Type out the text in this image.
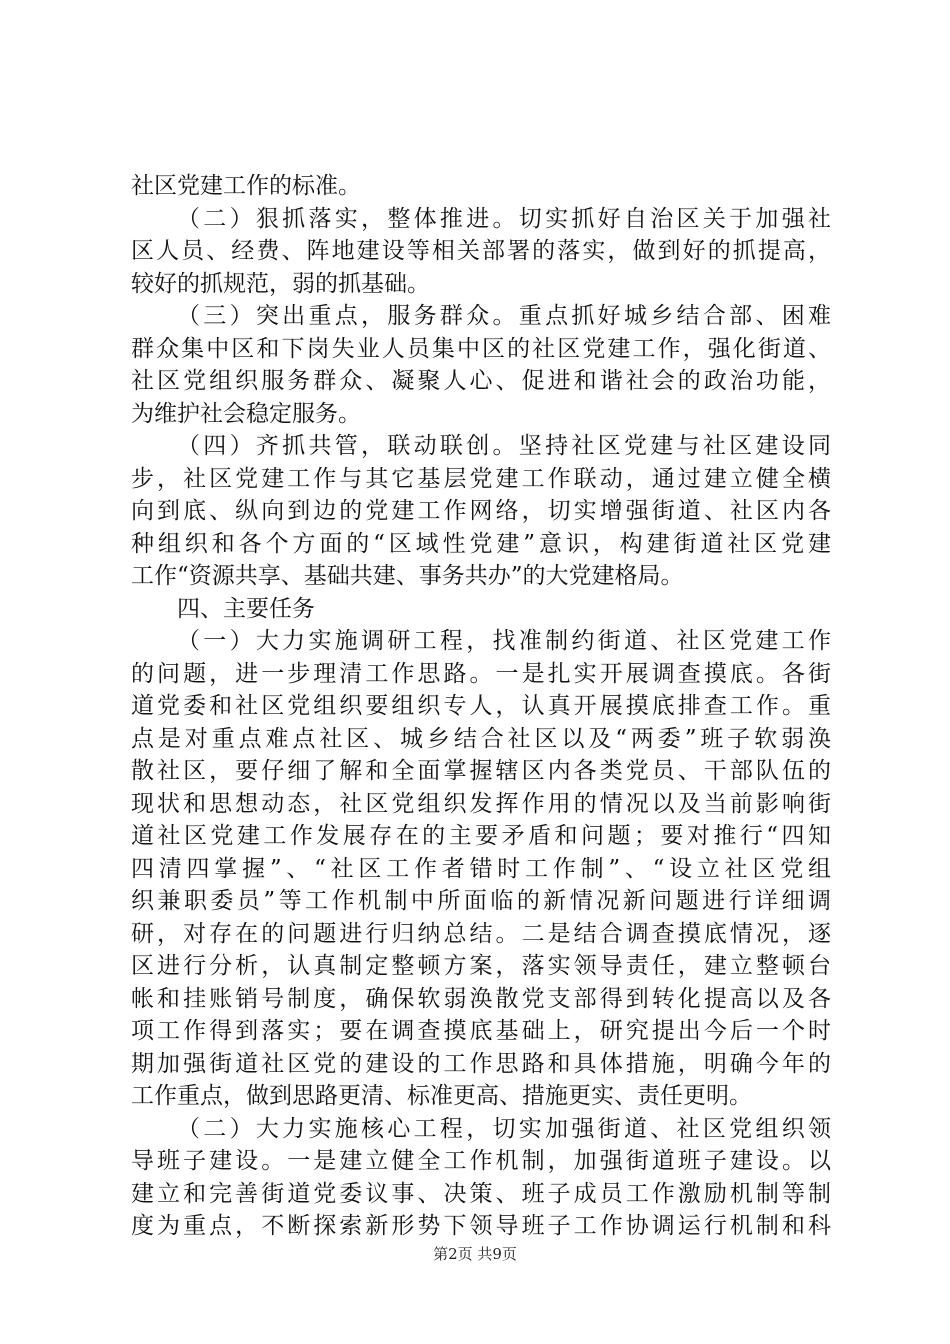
社区党建工作的标准。
（二）狠抓落实，整体推进。切实抓好自治区关于加强社
区人员、经费、阵地建设等相关部署的落实，做到好的抓提高，
较好的抓规范，弱的抓基础。
（三）突出重点，服务群众。重点抓好城乡结合部、困难
群众集中区和下岗失业人员集中区的社区党建工作，强化街道、
社区党组织服务群众、凝聚人心、促进和谐社会的政治功能，
为维护社会稳定服务。
（四）齐抓共管，联动联创。坚持社区党建与社区建设同
步，社区党建工作与其它基层党建工作联动，通过建立健全横
向到底、纵向到边的党建工作网络，切实增强街道、社区内各
种组织和各个方面的“区域性党建”意识，构建街道社区党建
工作“资源共享、基础共建、事务共办”的大党建格局。
四、主要任务
（一）大力实施调研工程，找准制约街道、社区党建工作
的问题，进一步理清工作思路。一是扎实开展调查摸底。各街
道党委和社区党组织要组织专人，认真开展摸底排查工作。重
点是对重点难点社区、城乡结合社区以及“两委”班子软弱涣
散社区，要仔细了解和全面掌握辖区内各类党员、干部队伍的
现状和思想动态，社区党组织发挥作用的情况以及当前影响街
道社区党建工作发展存在的主要矛盾和问题；要对推行“四知
四清四掌握”、“社区工作者错时工作制”、“设立社区党组
织兼职委员”等工作机制中所面临的新情况新问题进行详细调
研，对存在的问题进行归纳总结。二是结合调查摸底情况，逐
区进行分析，认真制定整顿方案，落实领导责任，建立整顿台
帐和挂账销号制度，确保软弱涣散党支部得到转化提高以及各
项工作得到落实；要在调查摸底基础上，研究提出今后一个时
期加强街道社区党的建设的工作思路和具体措施，明确今年的
工作重点，做到思路更清、标准更高、措施更实、责任更明。
（二）大力实施核心工程，切实加强街道、社区党组织领
导班子建设。一是建立健全工作机制，加强街道班子建设。以
建立和完善街道党委议事、决策、班子成员工作激励机制等制
度为重点，不断探索新形势下领导班子工作协调运行机制和科
第2页 共9页
